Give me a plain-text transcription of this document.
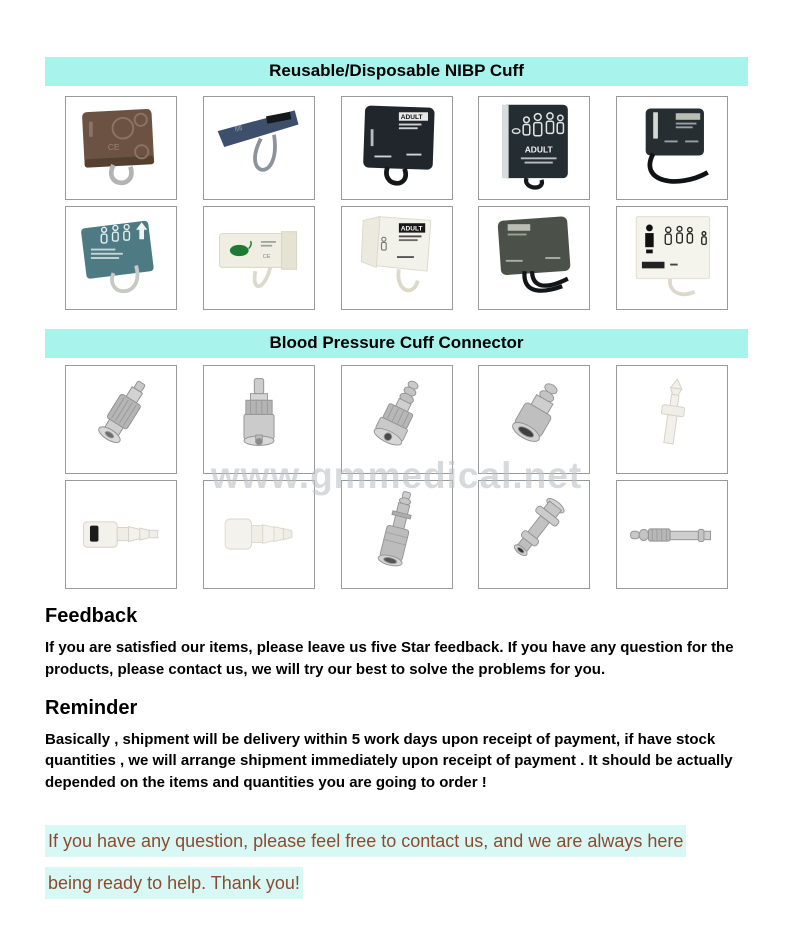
Reusable/Disposable NIBP Cuff
CE
|||||
ADULT
ADULT
CE
ADULT
Blood Pressure Cuff Connector
www.gmmedical.net
Feedback

If you are satisfied our items, please leave us five Star feedback. If you have any question for the products, please contact us, we will try our best to solve the problems for you.

Reminder

Basically , shipment will be delivery within 5 work days upon receipt of payment, if have stock quantities , we will arrange shipment immediately upon receipt of payment . It should be actually depended on the items and quantities you are going to order !

If you have any question, please feel free to contact us, and we are always here
being ready to help. Thank you!
